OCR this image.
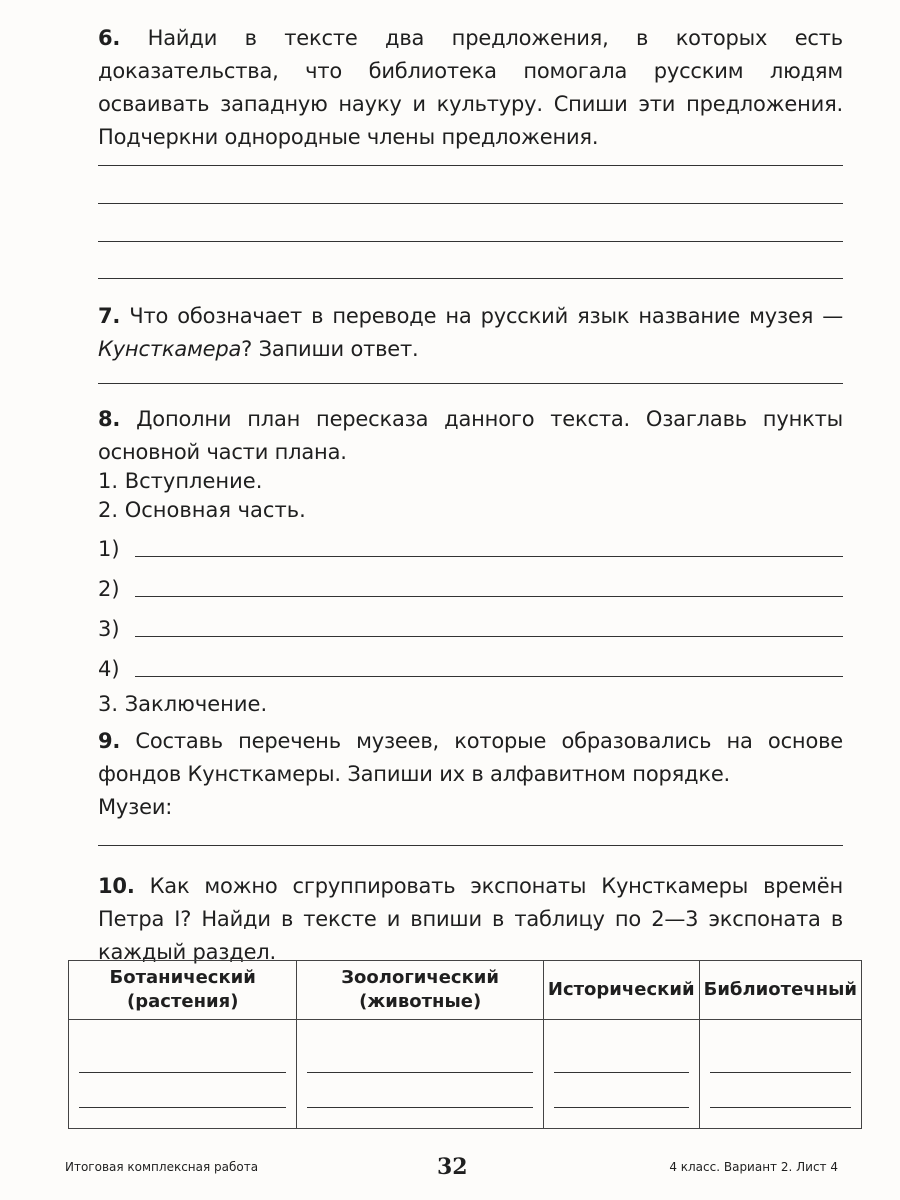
6. Найди в тексте два предложения, в которых есть доказательства, что библиотека помогала русским людям осваивать западную науку и культуру. Спиши эти предложения. Подчеркни однородные члены предложения.
7. Что обозначает в переводе на русский язык название музея — Кунсткамера? Запиши ответ.
8. Дополни план пересказа данного текста. Озаглавь пункты основной части плана.
1. Вступление.
2. Основная часть.
1)
2)
3)
4)
3. Заключение.
9. Составь перечень музеев, которые образовались на основе фондов Кунсткамеры. Запиши их в алфавитном порядке.
Музеи:
10. Как можно сгруппировать экспонаты Кунсткамеры времён Петра I? Найди в тексте и впиши в таблицу по 2—3 экспоната в каждый раздел.
Ботанический (растения)	Зоологический (животные)	Исторический	Библиотечный

Итоговая комплексная работа	32	4 класс. Вариант 2. Лист 4
